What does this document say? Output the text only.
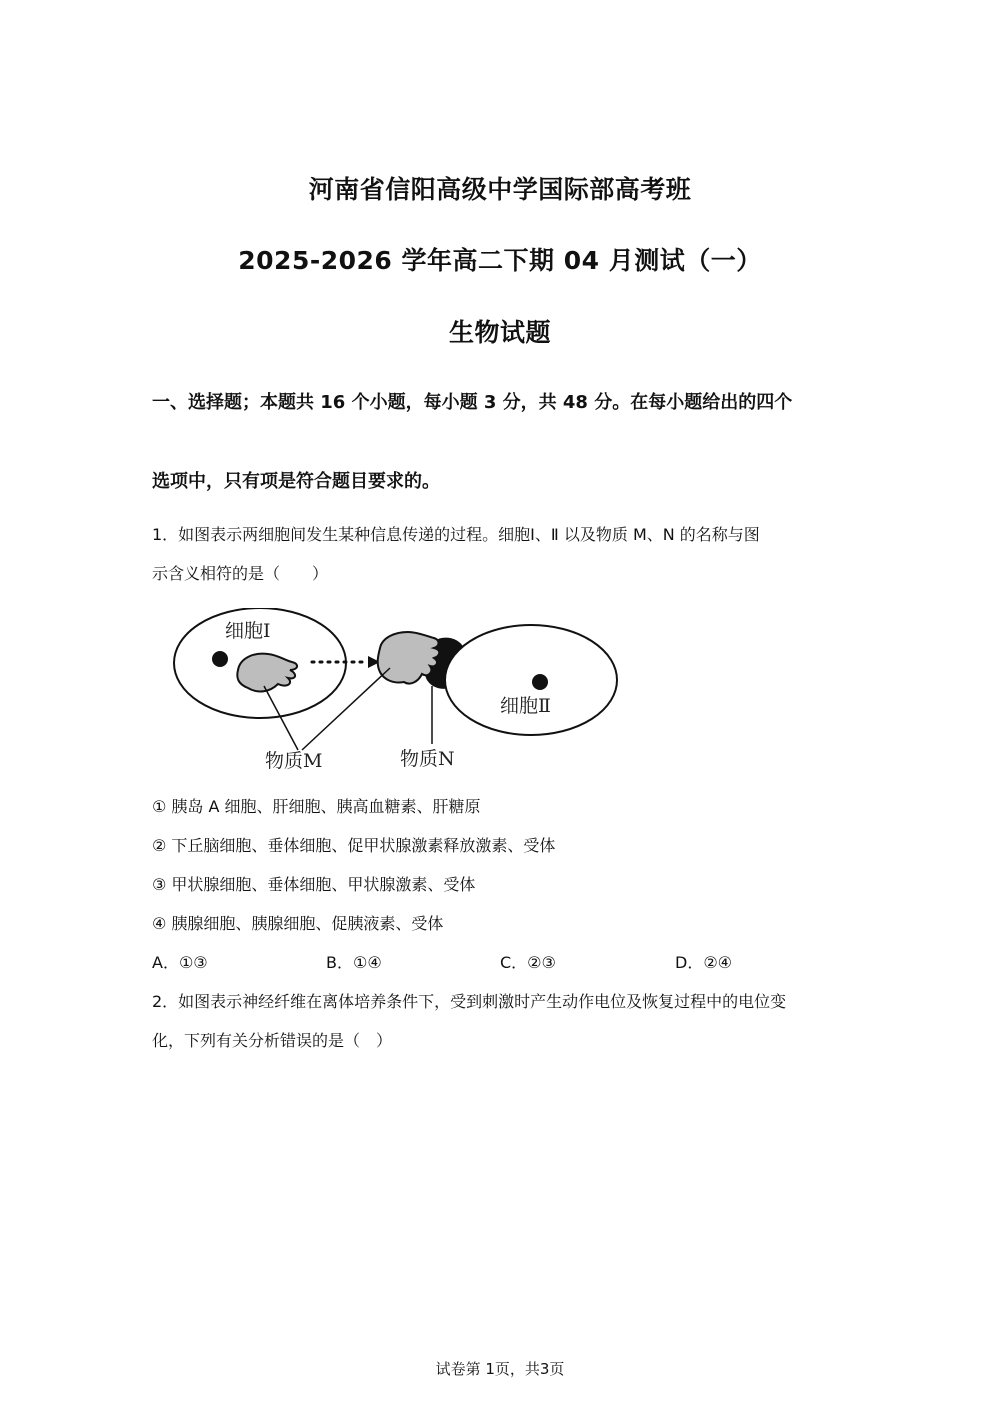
河南省信阳高级中学国际部高考班
2025-2026 学年高二下期 04 月测试（一）
生物试题
一、选择题；本题共 16 个小题，每小题 3 分，共 48 分。在每小题给出的四个
选项中，只有项是符合题目要求的。
1．如图表示两细胞间发生某种信息传递的过程。细胞Ⅰ、Ⅱ 以及物质 M、N 的名称与图
示含义相符的是（　　）
细胞Ⅰ
细胞Ⅱ
物质M	物质N
① 胰岛 A 细胞、肝细胞、胰高血糖素、肝糖原
② 下丘脑细胞、垂体细胞、促甲状腺激素释放激素、受体
③ 甲状腺细胞、垂体细胞、甲状腺激素、受体
④ 胰腺细胞、胰腺细胞、促胰液素、受体
A．①③	B．①④	C．②③	D．②④
2．如图表示神经纤维在离体培养条件下，受到刺激时产生动作电位及恢复过程中的电位变
化，下列有关分析错误的是（　）
试卷第 1页，共3页
